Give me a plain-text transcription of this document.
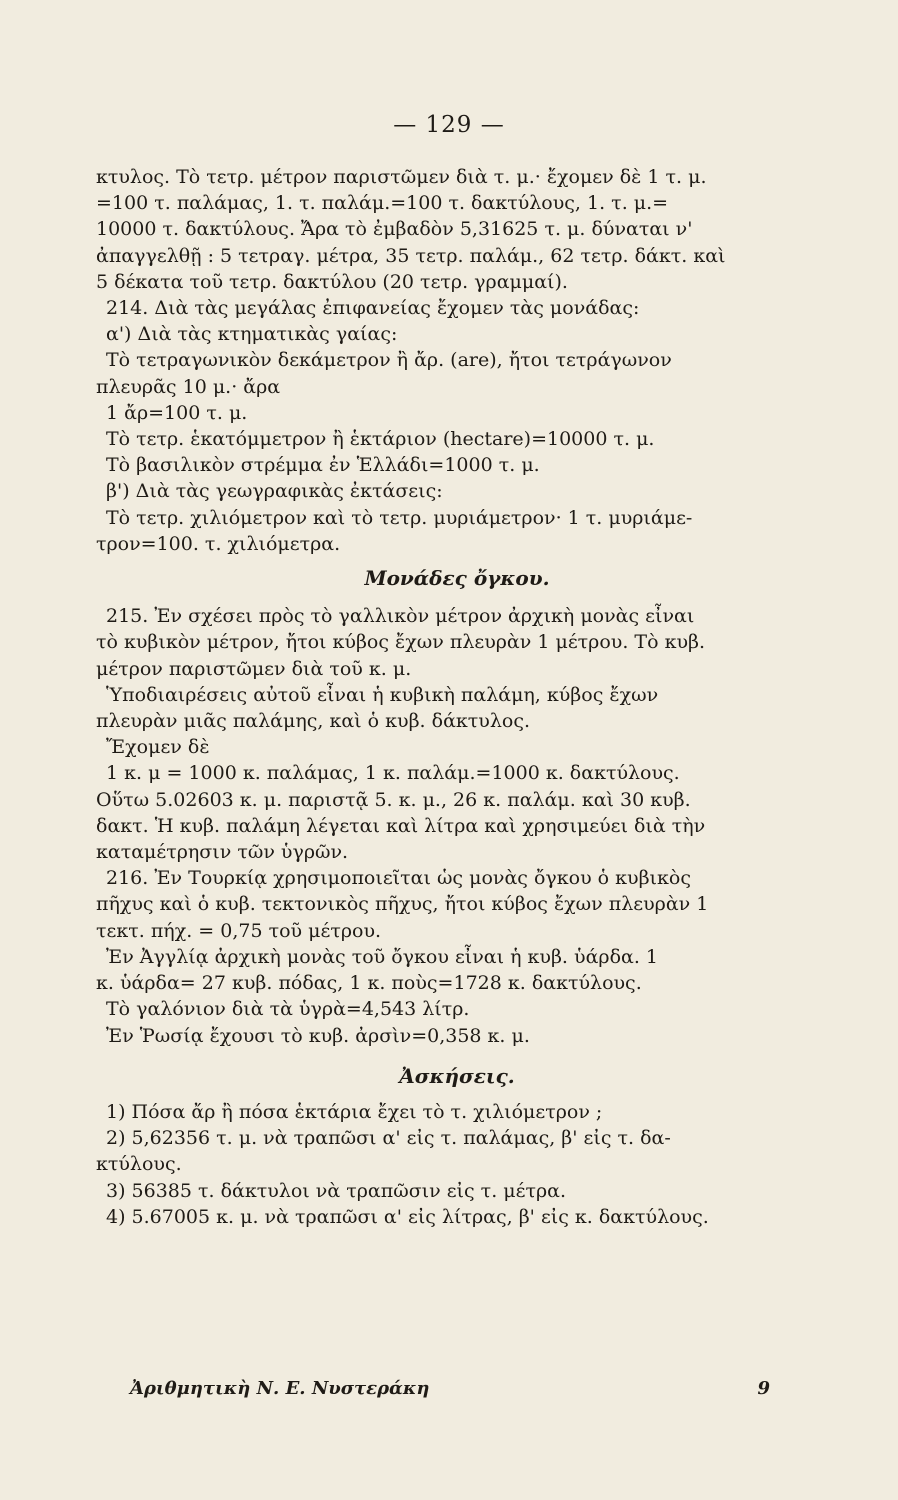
— 129 —

κτυλος. Τὸ τετρ. μέτρον παριστῶμεν διὰ τ. μ.· ἔχομεν δὲ 1 τ. μ.

=100 τ. παλάμας, 1. τ. παλάμ.=100 τ. δακτύλους, 1. τ. μ.=

10000 τ. δακτύλους. Ἄρα τὸ ἐμβαδὸν 5,31625 τ. μ. δύναται ν'

ἀπαγγελθῇ : 5 τετραγ. μέτρα, 35 τετρ. παλάμ., 62 τετρ. δάκτ. καὶ

5 δέκατα τοῦ τετρ. δακτύλου (20 τετρ. γραμμαί).

214. Διὰ τὰς μεγάλας ἐπιφανείας ἔχομεν τὰς μονάδας:

α') Διὰ τὰς κτηματικὰς γαίας:

Τὸ τετραγωνικὸν δεκάμετρον ἢ ἄρ. (are), ἤτοι τετράγωνον

πλευρᾶς 10 μ.· ἄρα

1 ἄρ=100 τ. μ.

Τὸ τετρ. ἑκατόμμετρον ἢ ἑκτάριον (hectare)=10000 τ. μ.

Τὸ βασιλικὸν στρέμμα ἐν Ἑλλάδι=1000 τ. μ.

β') Διὰ τὰς γεωγραφικὰς ἐκτάσεις:

Τὸ τετρ. χιλιόμετρον καὶ τὸ τετρ. μυριάμετρον· 1 τ. μυριάμε-

τρον=100. τ. χιλιόμετρα.

Μονάδες ὄγκου.

215. Ἐν σχέσει πρὸς τὸ γαλλικὸν μέτρον ἀρχικὴ μονὰς εἶναι

τὸ κυβικὸν μέτρον, ἤτοι κύβος ἔχων πλευρὰν 1 μέτρου. Τὸ κυβ.

μέτρον παριστῶμεν διὰ τοῦ κ. μ.

Ὑποδιαιρέσεις αὐτοῦ εἶναι ἡ κυβικὴ παλάμη, κύβος ἔχων

πλευρὰν μιᾶς παλάμης, καὶ ὁ κυβ. δάκτυλος.

Ἔχομεν δὲ

1 κ. μ = 1000 κ. παλάμας, 1 κ. παλάμ.=1000 κ. δακτύλους.

Οὕτω 5.02603 κ. μ. παριστᾷ 5. κ. μ., 26 κ. παλάμ. καὶ 30 κυβ.

δακτ. Ἡ κυβ. παλάμη λέγεται καὶ λίτρα καὶ χρησιμεύει διὰ τὴν

καταμέτρησιν τῶν ὑγρῶν.

216. Ἐν Τουρκίᾳ χρησιμοποιεῖται ὡς μονὰς ὄγκου ὁ κυβικὸς

πῆχυς καὶ ὁ κυβ. τεκτονικὸς πῆχυς, ἤτοι κύβος ἔχων πλευρὰν 1

τεκτ. πήχ. = 0,75 τοῦ μέτρου.

Ἐν Ἀγγλίᾳ ἀρχικὴ μονὰς τοῦ ὄγκου εἶναι ἡ κυβ. ὑάρδα. 1

κ. ὑάρδα= 27 κυβ. πόδας, 1 κ. ποὺς=1728 κ. δακτύλους.

Τὸ γαλόνιον διὰ τὰ ὑγρὰ=4,543 λίτρ.

Ἐν Ῥωσίᾳ ἔχουσι τὸ κυβ. ἀρσὶν=0,358 κ. μ.

Ἀσκήσεις.

1) Πόσα ἄρ ἢ πόσα ἑκτάρια ἔχει τὸ τ. χιλιόμετρον ;

2) 5,62356 τ. μ. νὰ τραπῶσι α' εἰς τ. παλάμας, β' εἰς τ. δα-

κτύλους.

3) 56385 τ. δάκτυλοι νὰ τραπῶσιν εἰς τ. μέτρα.

4) 5.67005 κ. μ. νὰ τραπῶσι α' εἰς λίτρας, β' εἰς κ. δακτύλους.

Ἀριθμητικὴ Ν. Ε. Νυστεράκη	9
